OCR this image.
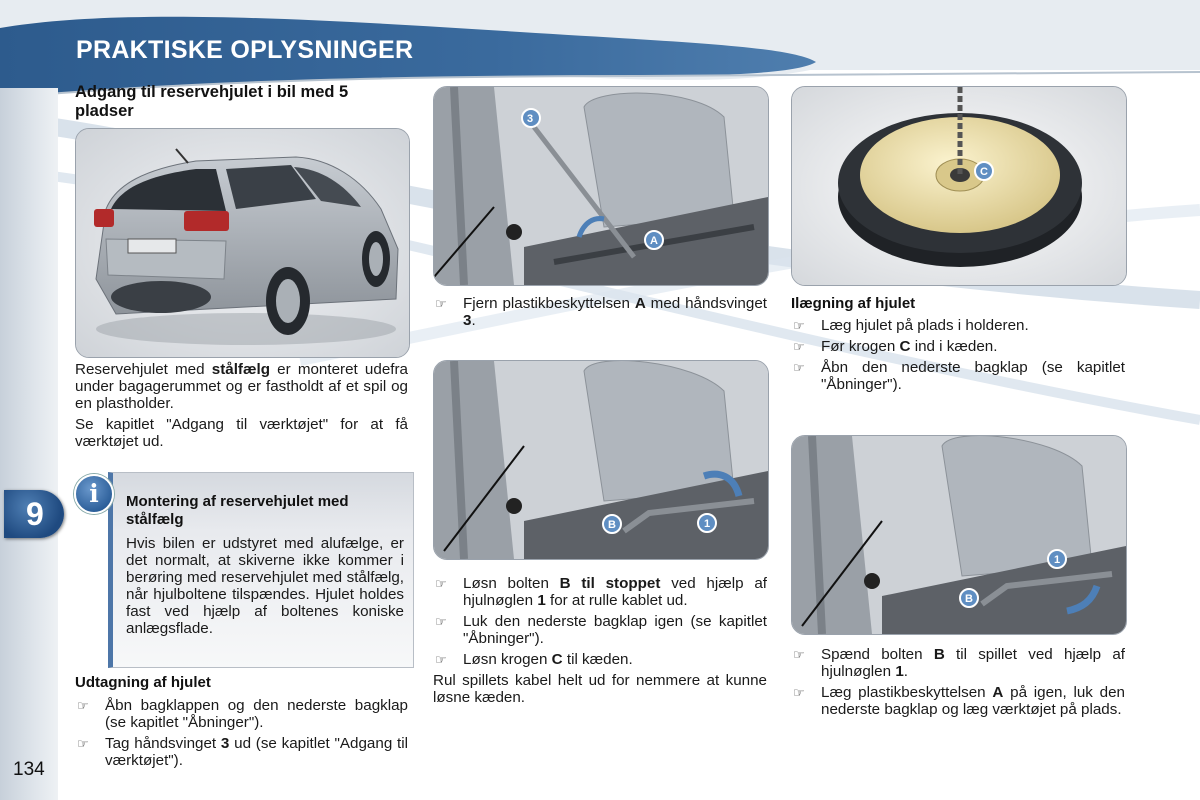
PRAKTISKE OPLYSNINGER
9
134
Adgang til reservehjulet i bil med 5 pladser

Reservehjulet med stålfælg er monteret udefra under bagagerummet og er fastholdt af et spil og en plastholder.

Se kapitlet "Adgang til værktøjet" for at få værktøjet ud.

Montering af reservehjulet med stålfælg

Hvis bilen er udstyret med alufælge, er det normalt, at skiverne ikke kommer i berøring med reservehjulet med stålfælg, når hjulboltene tilspændes. Hjulet holdes fast ved hjælp af boltenes koniske anlægsflade.

i
Udtagning af hjulet
☞ Åbn bagklappen og den nederste bagklap (se kapitlet "Åbninger").
☞ Tag håndsvinget 3 ud (se kapitlet "Adgang til værktøjet").
3
A
☞ Fjern plastikbeskyttelsen A med håndsvinget 3.
B	1
☞ Løsn bolten B til stoppet ved hjælp af hjulnøglen 1 for at rulle kablet ud.
☞ Luk den nederste bagklap igen (se kapitlet "Åbninger").
☞ Løsn krogen C til kæden.

Rul spillets kabel helt ud for nemmere at kunne løsne kæden.

C
Ilægning af hjulet
☞ Læg hjulet på plads i holderen.
☞ Før krogen C ind i kæden.
☞ Åbn den nederste bagklap (se kapitlet "Åbninger").
B
1
☞ Spænd bolten B til spillet ved hjælp af hjulnøglen 1.
☞ Læg plastikbeskyttelsen A på igen, luk den nederste bagklap og læg værktøjet på plads.
